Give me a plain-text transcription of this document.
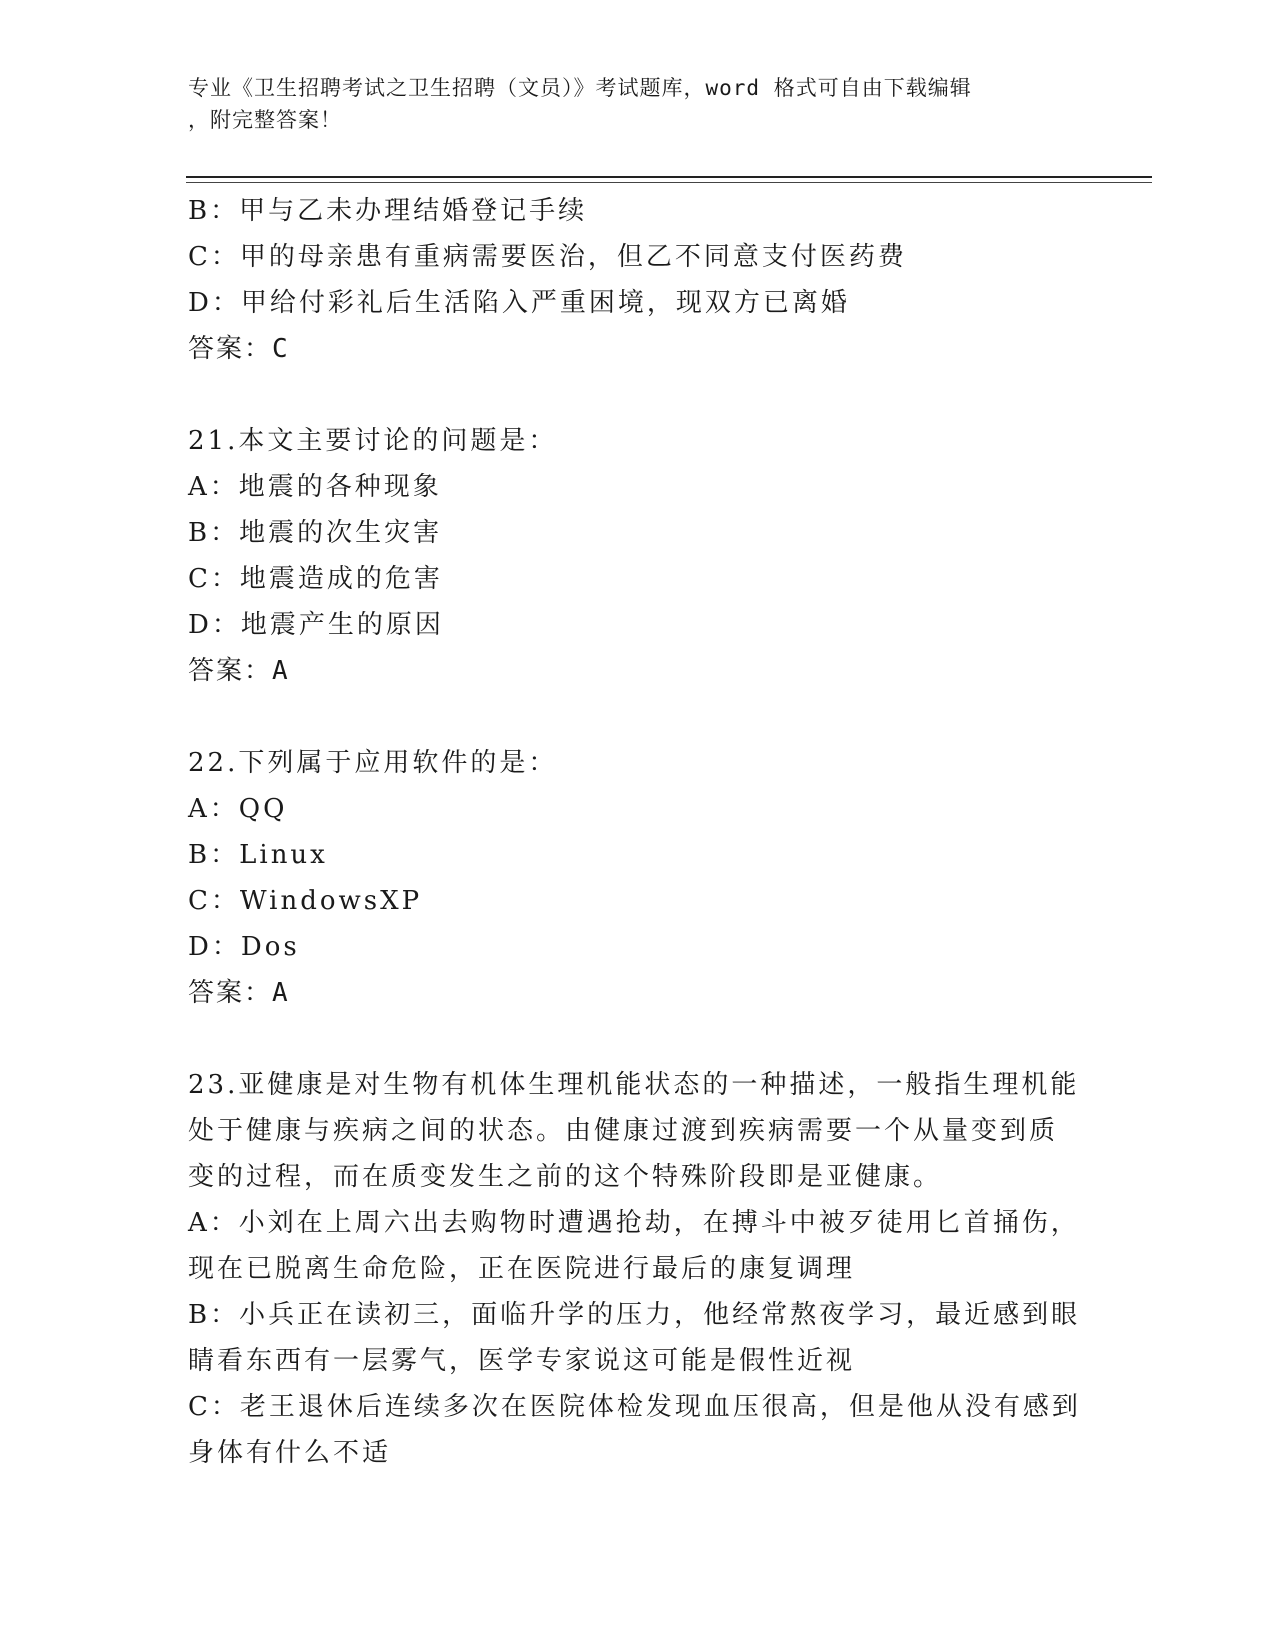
专业《卫生招聘考试之卫生招聘（文员）》考试题库，word 格式可自由下载编辑
，附完整答案！
B：甲与乙未办理结婚登记手续
C：甲的母亲患有重病需要医治，但乙不同意支付医药费
D：甲给付彩礼后生活陷入严重困境，现双方已离婚
答案：C
21.本文主要讨论的问题是：
A：地震的各种现象
B：地震的次生灾害
C：地震造成的危害
D：地震产生的原因
答案：A
22.下列属于应用软件的是：
A：QQ
B：Linux
C：WindowsXP
D：Dos
答案：A
23.亚健康是对生物有机体生理机能状态的一种描述，一般指生理机能
处于健康与疾病之间的状态。由健康过渡到疾病需要一个从量变到质
变的过程，而在质变发生之前的这个特殊阶段即是亚健康。
A：小刘在上周六出去购物时遭遇抢劫，在搏斗中被歹徒用匕首捅伤，
现在已脱离生命危险，正在医院进行最后的康复调理
B：小兵正在读初三，面临升学的压力，他经常熬夜学习，最近感到眼
睛看东西有一层雾气，医学专家说这可能是假性近视
C：老王退休后连续多次在医院体检发现血压很高，但是他从没有感到
身体有什么不适
